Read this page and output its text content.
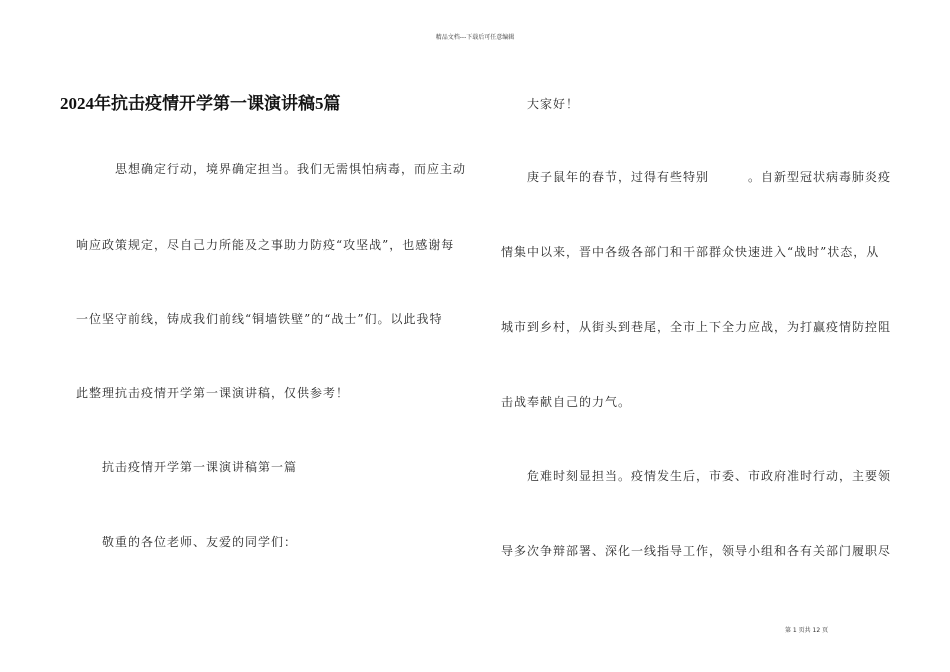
精品文档---下载后可任意编辑
2024年抗击疫情开学第一课演讲稿5篇
思想确定行动，境界确定担当。我们无需惧怕病毒，而应主动
响应政策规定，尽自己力所能及之事助力防疫“攻坚战”，也感谢每
一位坚守前线，铸成我们前线“铜墙铁壁”的“战士”们。以此我特
此整理抗击疫情开学第一课演讲稿，仅供参考！
抗击疫情开学第一课演讲稿第一篇
敬重的各位老师、友爱的同学们：
大家好！
庚子鼠年的春节，过得有些特别　　　。自新型冠状病毒肺炎疫
情集中以来，晋中各级各部门和干部群众快速进入“战时”状态，从
城市到乡村，从街头到巷尾，全市上下全力应战，为打赢疫情防控阻
击战奉献自己的力气。
危难时刻显担当。疫情发生后，市委、市政府准时行动，主要领
导多次争辩部署、深化一线指导工作，领导小组和各有关部门履职尽
第 1 页共 12 页
